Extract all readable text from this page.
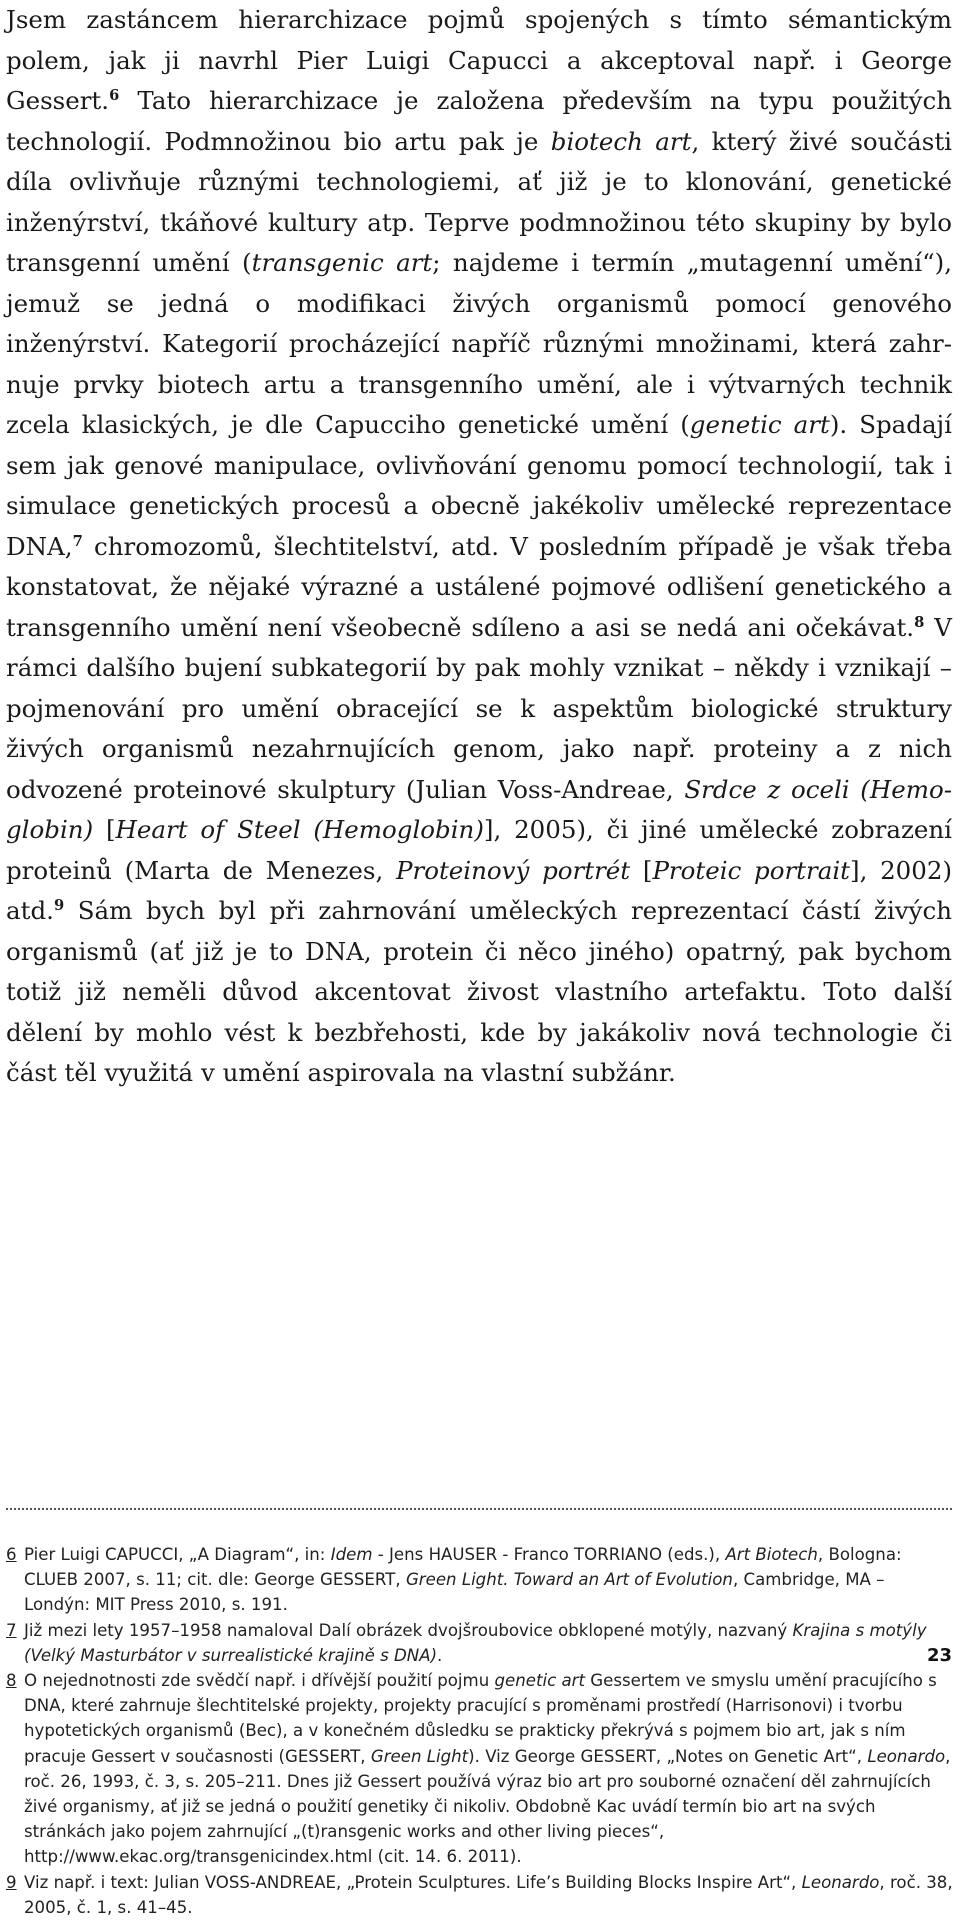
Jsem zastáncem hierarchizace pojmů spojených s tímto sémantickým polem, jak ji navrhl Pier Luigi Capucci a akceptoval např. i George Gessert.$^6$ Tato hierarchizace je založena především na typu použitých technologií. Podmnožinou bio artu pak je biotech art, který živé součásti díla ovlivňuje různými technologiemi, ať již je to klonování, genetické inženýrství, tkáňové kultury atp. Teprve podmnožinou této skupiny by bylo transgenní umění (transgenic art; najdeme i termín „mutagenní umění“), jemuž se jedná o modifikaci živých organismů pomocí genového inženýrství. Kategorií procházející napříč různými množinami, která zahrnuje prvky biotech artu a transgenního umění, ale i výtvarných technik zcela klasických, je dle Capucciho genetické umění (genetic art). Spadají sem jak genové manipulace, ovlivňování genomu pomocí technologií, tak i simulace genetických procesů a obecně jakékoliv umělecké reprezentace DNA,$^7$ chromozomů, šlechtitelství, atd. V posledním případě je však třeba konstatovat, že nějaké výrazné a ustálené pojmové odlišení genetického a transgenního umění není všeobecně sdíleno a asi se nedá ani očekávat.$^8$ V rámci dalšího bujení subkategorií by pak mohly vznikat – někdy i vznikají – pojmenování pro umění obracející se k aspektům biologické struktury živých organismů nezahrnujících genom, jako např. proteiny a z nich odvozené proteinové skulptury (Julian Voss-Andreae, Srdce z oceli (Hemoglobin) [Heart of Steel (Hemoglobin)], 2005), či jiné umělecké zobrazení proteinů (Marta de Menezes, Proteinový portrét [Proteic portrait], 2002) atd.$^9$ Sám bych byl při zahrnování uměleckých reprezentací částí živých organismů (ať již je to DNA, protein či něco jiného) opatrný, pak bychom totiž již neměli důvod akcentovat živost vlastního artefaktu. Toto další dělení by mohlo vést k bezbřehosti, kde by jakákoliv nová technologie či část těl využitá v umění aspirovala na vlastní subžánr.

6 Pier Luigi CAPUCCI, „A Diagram“, in: Idem - Jens HAUSER - Franco TORRIANO (eds.), Art Biotech, Bologna: CLUEB 2007, s. 11; cit. dle: George GESSERT, Green Light. Toward an Art of Evolution, Cambridge, MA – Londýn: MIT Press 2010, s. 191.

7 Již mezi lety 1957–1958 namaloval Dalí obrázek dvojšroubovice obklopené motýly, nazvaný Krajina s motýly (Velký Masturbátor v surrealistické krajině s DNA).

8 O nejednotnosti zde svědčí např. i dřívější použití pojmu genetic art Gessertem ve smyslu umění pracujícího s DNA, které zahrnuje šlechtitelské projekty, projekty pracující s proměnami prostředí (Harrisonovi) i tvorbu hypotetických organismů (Bec), a v konečném důsledku se prakticky překrývá s pojmem bio art, jak s ním pracuje Gessert v současnosti (GESSERT, Green Light). Viz George GESSERT, „Notes on Genetic Art“, Leonardo, roč. 26, 1993, č. 3, s. 205–211. Dnes již Gessert používá výraz bio art pro souborné označení děl zahrnujících živé organismy, ať již se jedná o použití genetiky či nikoliv. Obdobně Kac uvádí termín bio art na svých stránkách jako pojem zahrnující „(t)ransgenic works and other living pieces“, http://www.ekac.org/transgenicindex.html (cit. 14. 6. 2011).

9 Viz např. i text: Julian VOSS-ANDREAE, „Protein Sculptures. Life’s Building Blocks Inspire Art“, Leonardo, roč. 38, 2005, č. 1, s. 41–45.

23
